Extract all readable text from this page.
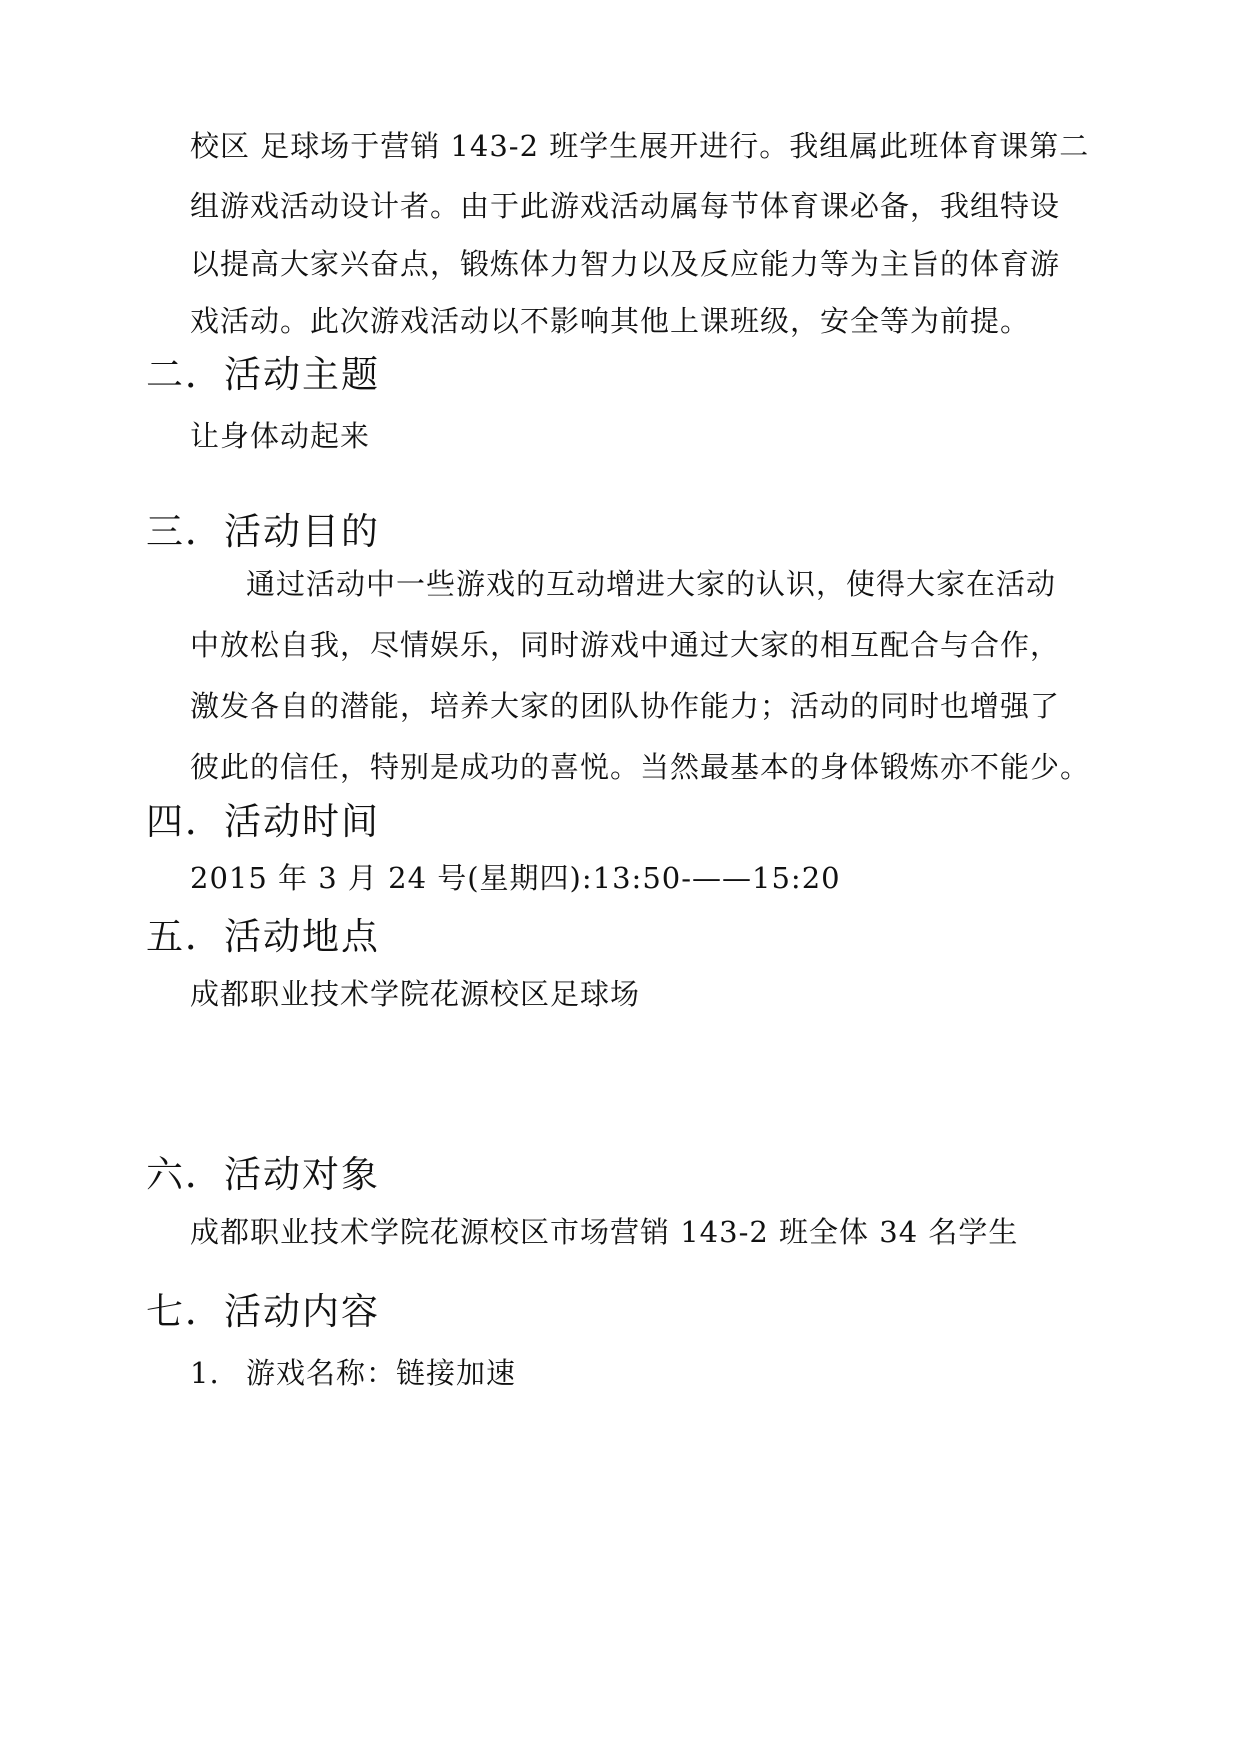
校区 足球场于营销 143-2 班学生展开进行。我组属此班体育课第二
组游戏活动设计者。由于此游戏活动属每节体育课必备，我组特设
以提高大家兴奋点，锻炼体力智力以及反应能力等为主旨的体育游
戏活动。此次游戏活动以不影响其他上课班级，安全等为前提。
二．活动主题
让身体动起来
三．活动目的
通过活动中一些游戏的互动增进大家的认识，使得大家在活动
中放松自我，尽情娱乐，同时游戏中通过大家的相互配合与合作，
激发各自的潜能，培养大家的团队协作能力；活动的同时也增强了
彼此的信任，特别是成功的喜悦。当然最基本的身体锻炼亦不能少。
四．活动时间
2015 年 3 月 24 号(星期四):13:50-——15:20
五．活动地点
成都职业技术学院花源校区足球场
六．活动对象
成都职业技术学院花源校区市场营销 143-2 班全体 34 名学生
七．活动内容
1. 游戏名称：链接加速
